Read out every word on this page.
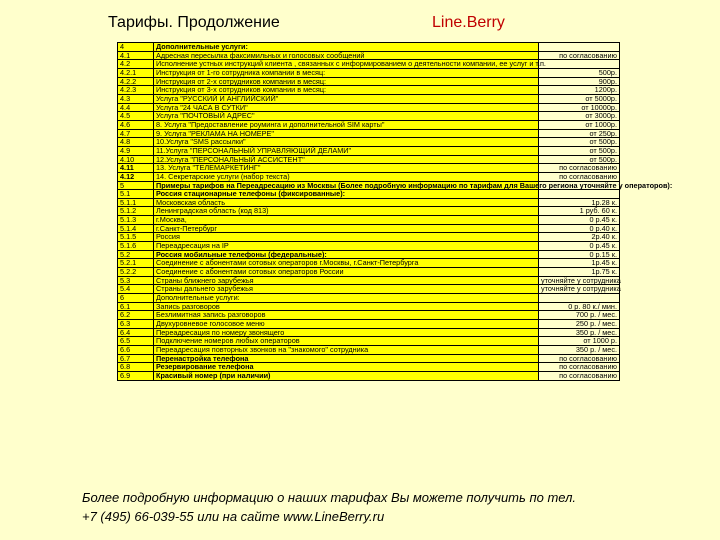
Тарифы. Продолжение	Line.Berry
4	Дополнительные услуги:	
4.1	Адресная пересылка факсимильных и голосовых сообщений	по согласованию
4.2	Исполнение устных инструкций клиента , связанных с информированием о деятельности компании, ее услуг и т.п.	
4.2.1	Инструкция от 1-го сотрудника компании в месяц:	500р.
4.2.2	Инструкция от 2-х сотрудников компании в месяц:	900р.
4.2.3	Инструкция от 3-х сотрудников компании в месяц:	1200р.
4.3	Услуга "РУССКИЙ И АНГЛИЙСКИЙ"	от 5000р.
4.4	Услуга "24 ЧАСА В СУТКИ"	от 10000р.
4.5	Услуга "ПОЧТОВЫЙ АДРЕС"	от 3000р.
4.6	8. Услуга "Предоставление роуминга и дополнительной SIM карты"	от 1000р.
4.7	9. Услуга "РЕКЛАМА НА НОМЕРЕ"	от 250р.
4.8	10.Услуга "SMS рассылки"	от 500р.
4.9	11.Услуга "ПЕРСОНАЛЬНЫЙ УПРАВЛЯЮЩИЙ ДЕЛАМИ"	от 500р.
4.10	12.Услуга "ПЕРСОНАЛЬНЫЙ АССИСТЕНТ"	от 500р.
4.11	13. Услуга "ТЕЛЕМАРКЕТИНГ"	по согласованию
4.12	14. Секретарские услуги (набор текста)	по согласованию
5	Примеры тарифов на Переадресацию из Москвы (Более подробную информацию по тарифам для Вашего региона уточняйте у операторов):	
5.1	Россия стационарные телефоны (фиксированные):	
5.1.1	Московская область	1р.28 к.
5.1.2	Ленинградская область (код 813)	1 руб. 60 к.
5.1.3	г.Москва,	0 р.45 к.
5.1.4	г.Санкт-Петербург	0 р.40 к.
5.1.5	Россия	2р.40 к.
5.1.6	Переадресация на IP	0 р.45 к.
5.2	Россия мобильные телефоны (федеральные):	0 р.15 к.
5.2.1	Соединение с абонентами сотовых операторов г.Москвы, г.Санкт-Петербурга	1р.45 к.
5.2.2	Соединение с абонентами сотовых операторов России	1р.75 к.
5.3	Страны ближнего зарубежья	уточняйте у сотрудника
5.4	Страны дальнего зарубежья	уточняйте у сотрудника
6	Дополнительные услуги:	
6.1	Запись разговоров	0 р. 80 к./ мин.
6.2	Безлимитная запись разговоров	700 р. / мес.
6.3	Двухуровневое голосовое меню	250 р. / мес.
6.4	Переадресация по номеру звонящего	350 р. / мес.
6.5	Подключение номеров любых операторов	от 1000 р.
6.6	Переадресация повторных звонков на "знакомого" сотрудника	350 р. / мес.
6.7	Перенастройка телефона	по согласованию
6.8	Резервирование телефона	по согласованию
6.9	Красивый номер (при наличии)	по согласованию
Более подробную информацию о наших тарифах Вы можете получить по тел.
+7 (495) 66-039-55 или на сайте www.LineBerry.ru
